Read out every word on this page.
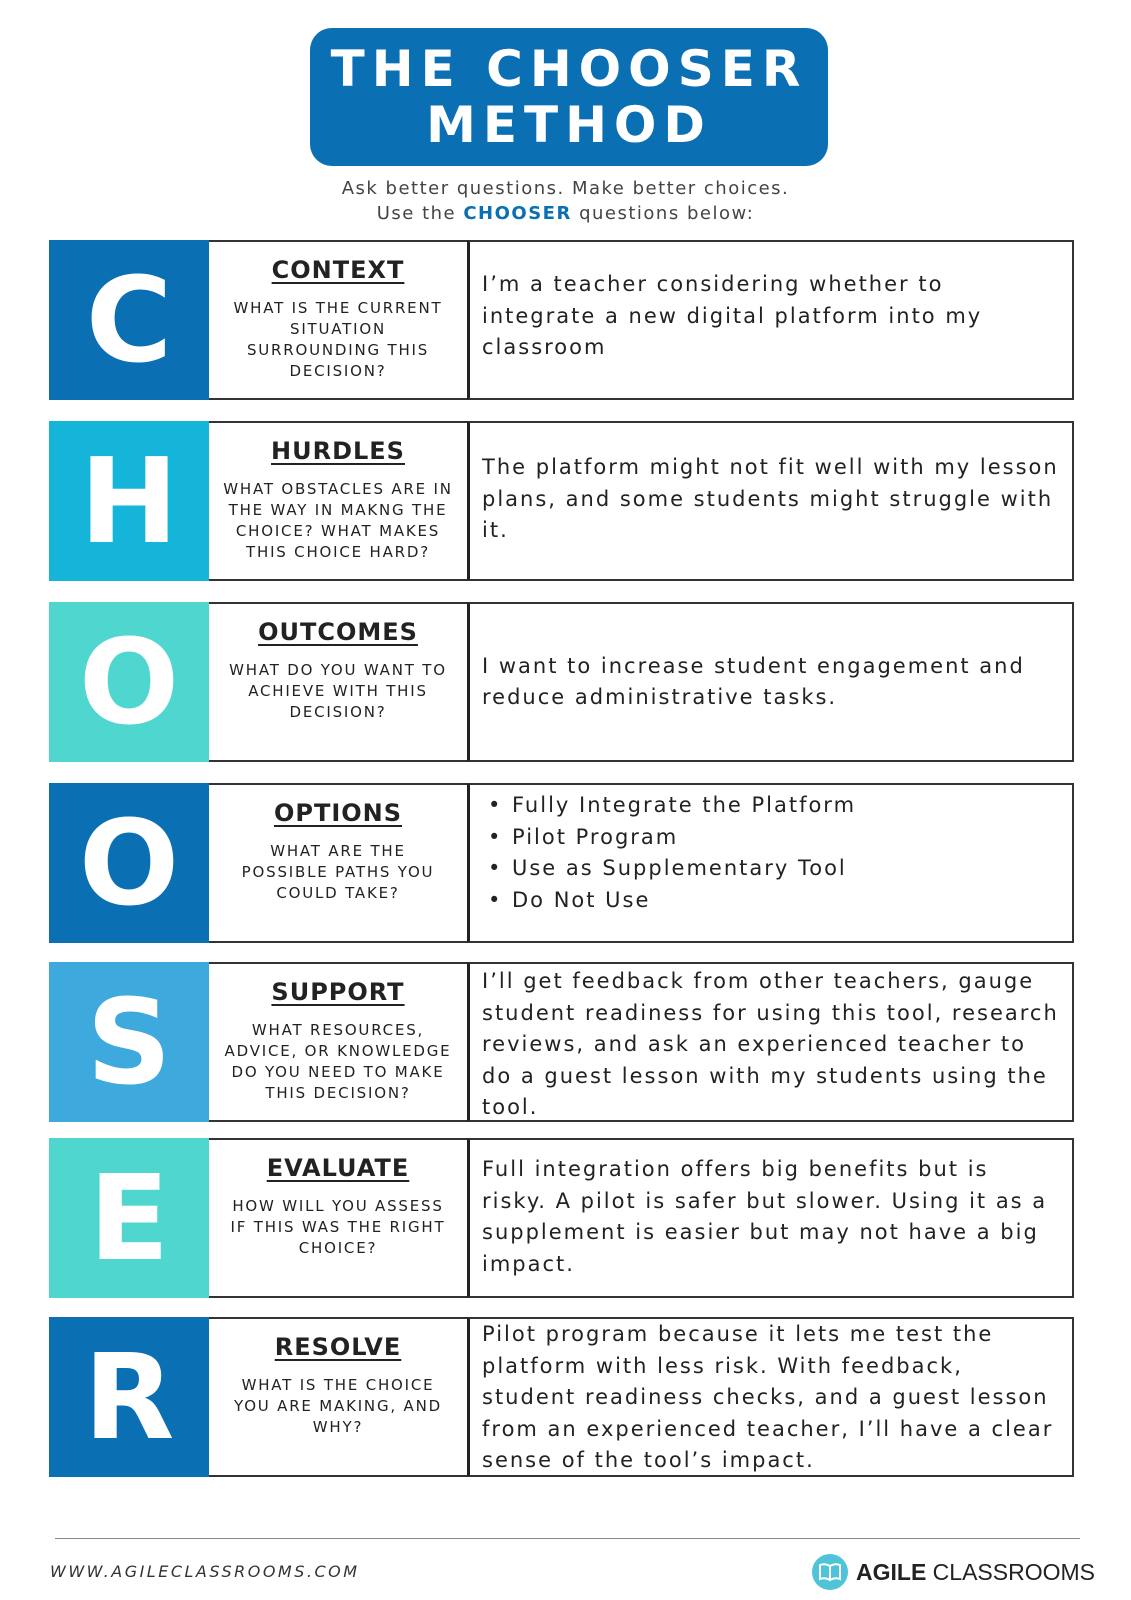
THE CHOOSER
METHOD
Ask better questions. Make better choices.
Use the CHOOSER questions below:
C	CONTEXT
WHAT IS THE CURRENT SITUATION SURROUNDING THIS DECISION?
I’m a teacher considering whether to integrate a new digital platform into my classroom
H	HURDLES
WHAT OBSTACLES ARE IN THE WAY IN MAKNG THE CHOICE? WHAT MAKES THIS CHOICE HARD?
The platform might not fit well with my lesson plans, and some students might struggle with it.
O	OUTCOMES
WHAT DO YOU WANT TO ACHIEVE WITH THIS DECISION?
I want to increase student engagement and reduce administrative tasks.
O	OPTIONS
WHAT ARE THE POSSIBLE PATHS YOU COULD TAKE?
• Fully Integrate the Platform
• Pilot Program
• Use as Supplementary Tool
• Do Not Use
S	SUPPORT
WHAT RESOURCES, ADVICE, OR KNOWLEDGE DO YOU NEED TO MAKE THIS DECISION?
I’ll get feedback from other teachers, gauge student readiness for using this tool, research reviews, and ask an experienced teacher to do a guest lesson with my students using the tool.
E	EVALUATE
HOW WILL YOU ASSESS IF THIS WAS THE RIGHT CHOICE?
Full integration offers big benefits but is risky. A pilot is safer but slower. Using it as a supplement is easier but may not have a big impact.
R	RESOLVE
WHAT IS THE CHOICE YOU ARE MAKING, AND WHY?
Pilot program because it lets me test the platform with less risk. With feedback, student readiness checks, and a guest lesson from an experienced teacher, I’ll have a clear sense of the tool’s impact.
WWW.AGILECLASSROOMS.COM	AGILE CLASSROOMS
